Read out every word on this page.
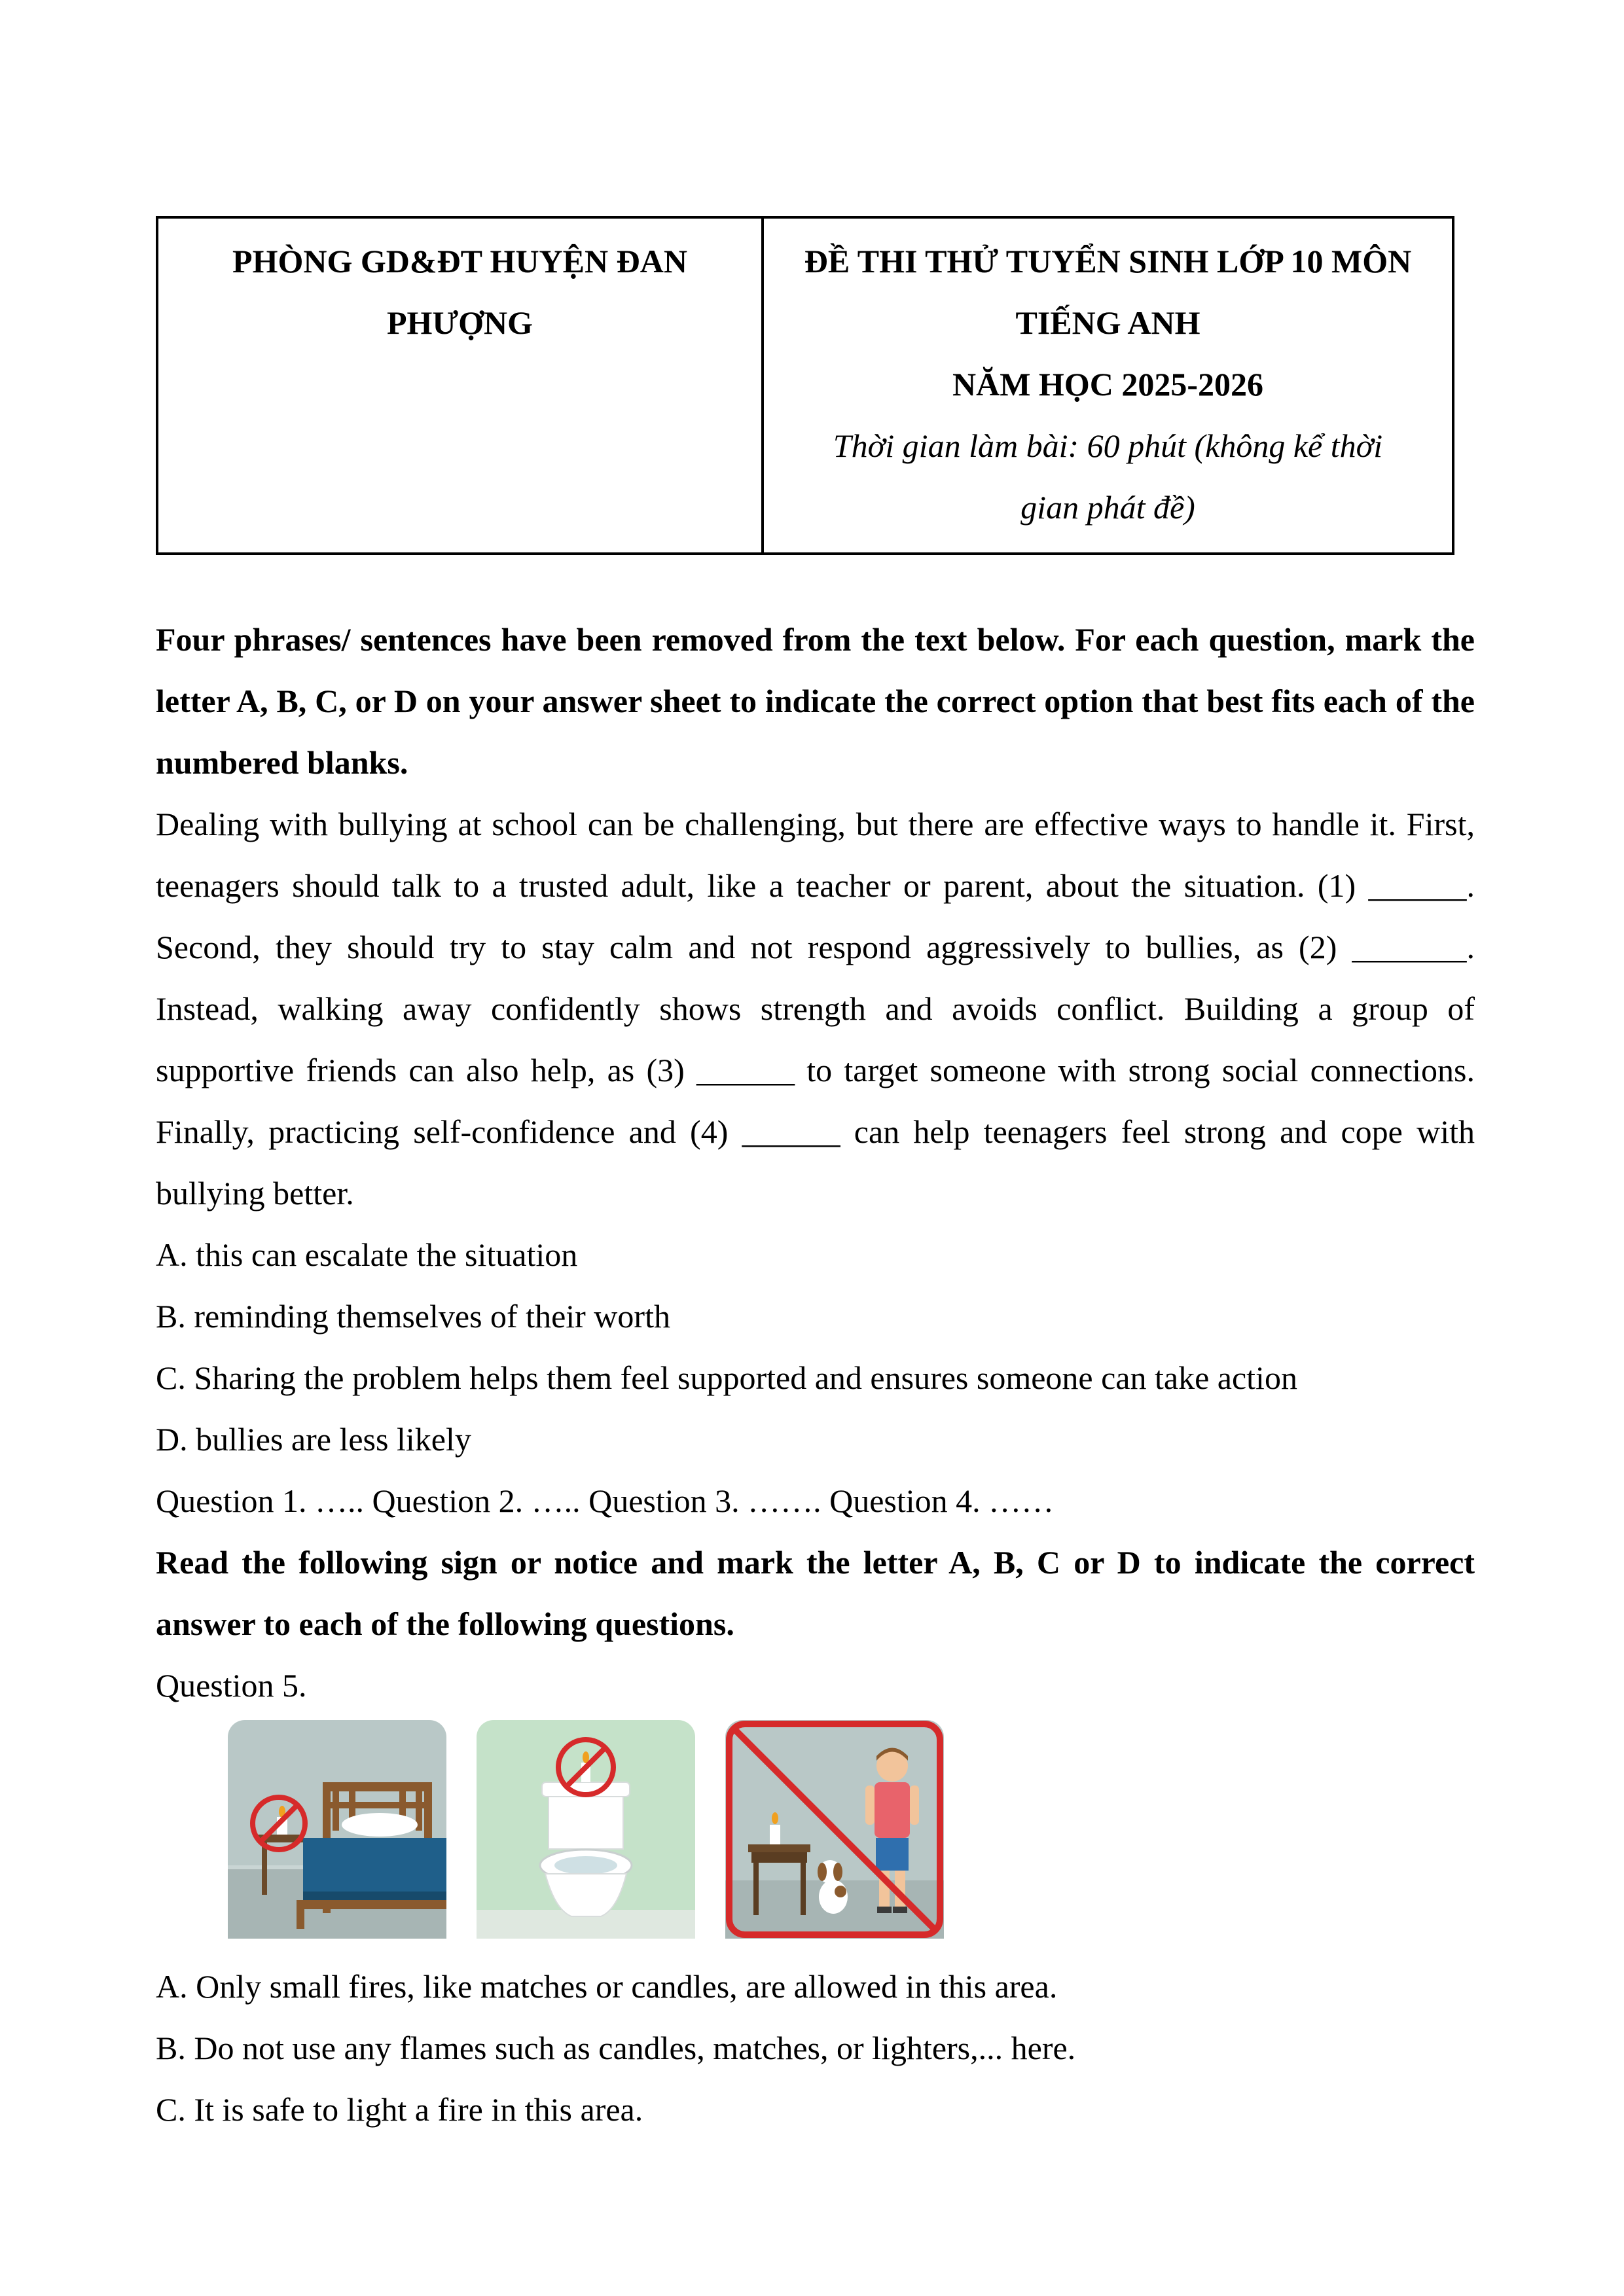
PHÒNG GD&ĐT HUYỆN ĐAN
PHƯỢNG
ĐỀ THI THỬ TUYỂN SINH LỚP 10 MÔN
TIẾNG ANH
NĂM HỌC 2025-2026
Thời gian làm bài: 60 phút (không kể thời
gian phát đề)

Four phrases/ sentences have been removed from the text below. For each question, mark the letter A, B, C, or D on your answer sheet to indicate the correct option that best fits each of the numbered blanks.

Dealing with bullying at school can be challenging, but there are effective ways to handle it. First, teenagers should talk to a trusted adult, like a teacher or parent, about the situation. (1) ______. Second, they should try to stay calm and not respond aggressively to bullies, as (2) _______. Instead, walking away confidently shows strength and avoids conflict. Building a group of supportive friends can also help, as (3) ______ to target someone with strong social connections. Finally, practicing self-confidence and (4) ______ can help teenagers feel strong and cope with bullying better.

A. this can escalate the situation

B. reminding themselves of their worth

C. Sharing the problem helps them feel supported and ensures someone can take action

D. bullies are less likely

Question 1. ….. Question 2. ….. Question 3. ……. Question 4. ……

Read the following sign or notice and mark the letter A, B, C or D to indicate the correct answer to each of the following questions.

Question 5.

A. Only small fires, like matches or candles, are allowed in this area.

B. Do not use any flames such as candles, matches, or lighters,... here.

C. It is safe to light a fire in this area.
